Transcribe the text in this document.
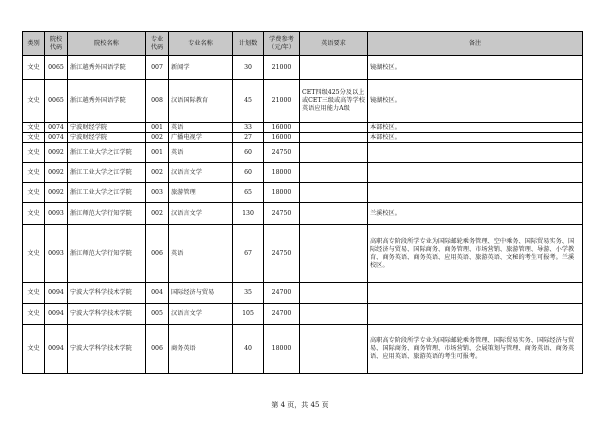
类别	院校代码	院校名称	专业代码	专业名称	计划数	学费参考（元/年）	英语要求	备注
文史	0065	浙江越秀外国语学院	007	新闻学	30	21000		镜湖校区。
文史	0065	浙江越秀外国语学院	008	汉语国际教育	45	21000	CET四级425分及以上或CET三级或高等学校英语应用能力A级	镜湖校区。
文史	0074	宁波财经学院	001	英语	33	16000		本部校区。
文史	0074	宁波财经学院	002	广播电视学	27	16000		本部校区。
文史	0092	浙江工业大学之江学院	001	英语	60	24750		
文史	0092	浙江工业大学之江学院	002	汉语言文学	60	18000		
文史	0092	浙江工业大学之江学院	003	旅游管理	65	18000		
文史	0093	浙江师范大学行知学院	002	汉语言文学	130	24750		兰溪校区。
文史	0093	浙江师范大学行知学院	006	英语	67	24750		高职高专阶段所学专业为国际邮轮乘务管理、空中乘务、国际贸易实务、国际经济与贸易、国际商务、商务管理、市场营销、旅游管理、导游、小学教育、商务英语、商务英语、应用英语、旅游英语、文秘的考生可报考。兰溪校区。
文史	0094	宁波大学科学技术学院	004	国际经济与贸易	35	24700		
文史	0094	宁波大学科学技术学院	005	汉语言文学	105	24700		
文史	0094	宁波大学科学技术学院	006	商务英语	40	18000		高职高专阶段所学专业为国际邮轮乘务管理、国际贸易实务、国际经济与贸易、国际商务、商务管理、市场营销、会展策划与管理、商务英语、商务英语、应用英语、旅游英语的考生可报考。
第 4 页，共 45 页
